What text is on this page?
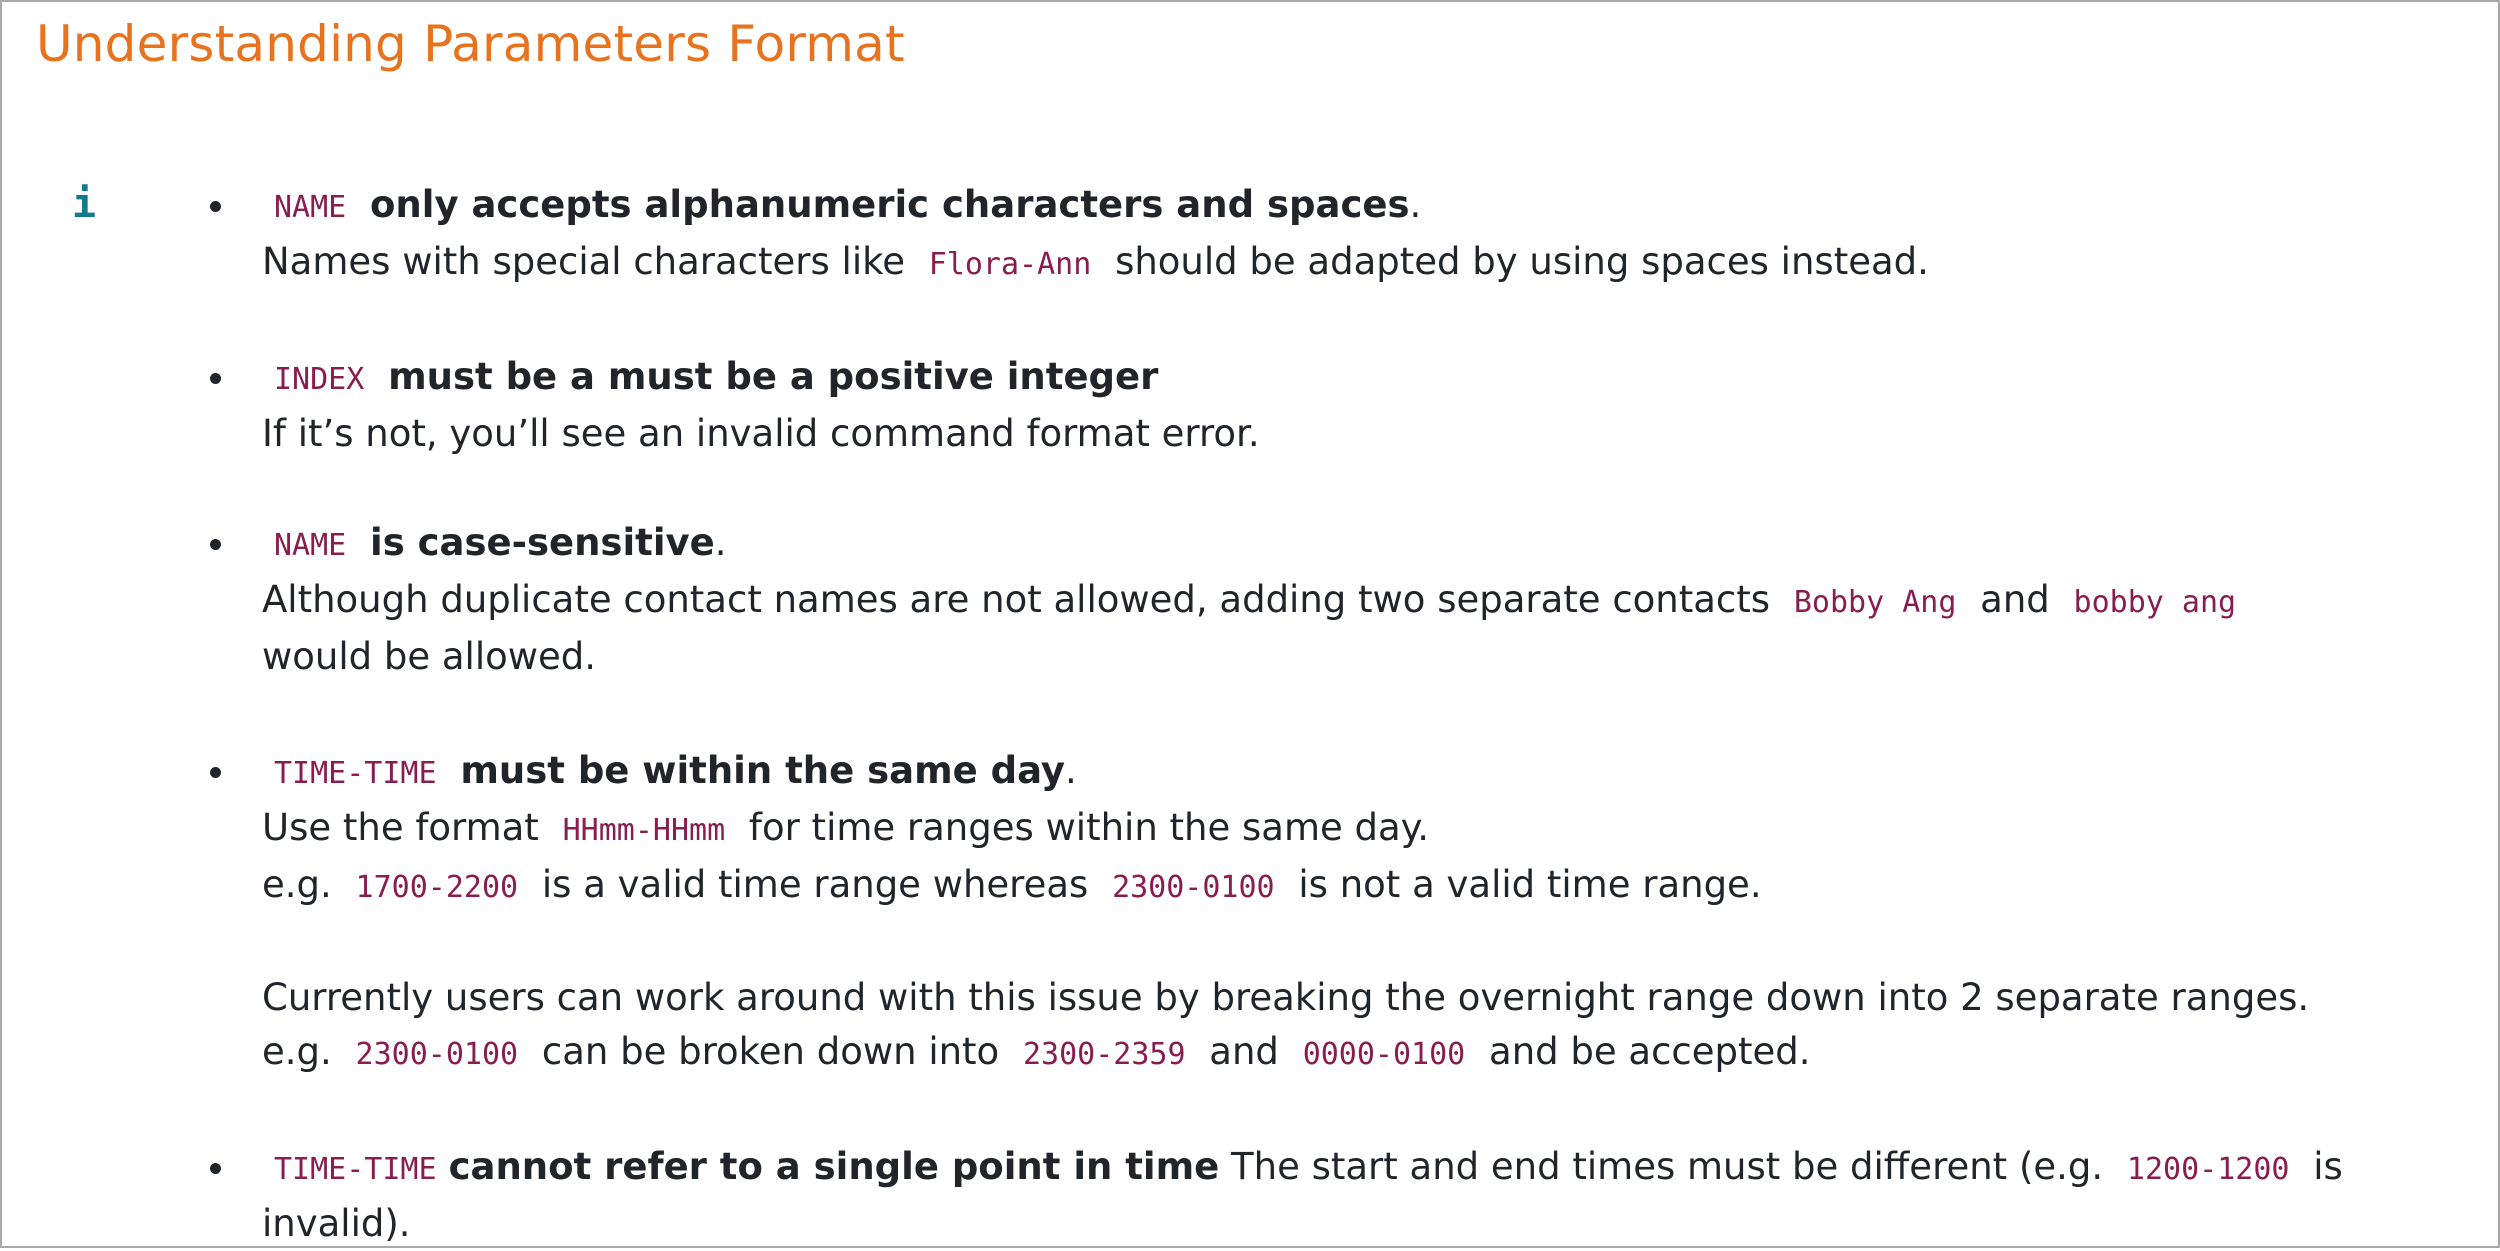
Understanding Parameters Format
i	NAME only accepts alphanumeric characters and spaces.
Names with special characters like Flora-Ann should be adapted by using spaces instead.
INDEX must be a must be a positive integer
If it’s not, you’ll see an invalid command format error.
NAME is case-sensitive.
Although duplicate contact names are not allowed, adding two separate contacts Bobby Ang and bobby ang would be allowed.
TIME-TIME must be within the same day.
Use the format HHmm-HHmm for time ranges within the same day.
e.g. 1700-2200 is a valid time range whereas 2300-0100 is not a valid time range.
Currently users can work around with this issue by breaking the overnight range down into 2 separate ranges.
e.g. 2300-0100 can be broken down into 2300-2359 and 0000-0100 and be accepted.
TIME-TIME cannot refer to a single point in time The start and end times must be different (e.g. 1200-1200 is invalid).
